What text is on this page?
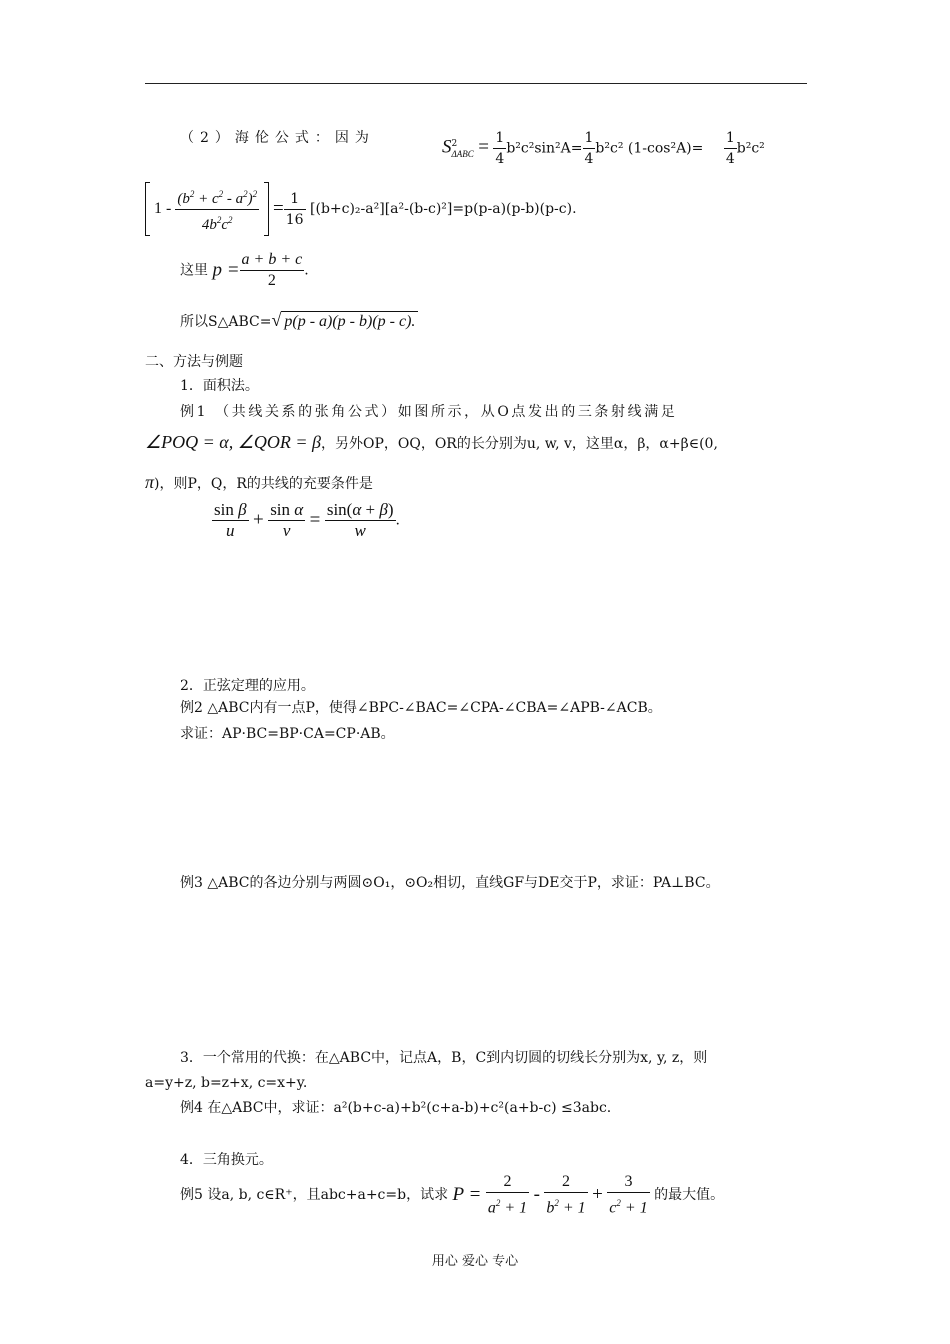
（2）海伦公式：因为	S 2
$\Delta ABC = \frac{1}{4} b^2c^2\sin^2A= \frac{1}{4} b^2c^2$ $(1-\cos^2A)= \frac{1}{4} b^2c^2$
$1 - \frac{(b^2 + c^2 - a^2)^2}{4b^2c^2} = \frac{1}{16} [(b+c)_2-a^2][a^2-(b-c)^2]=p(p-a)(p-b)(p-c)$.
这里 $p = \frac{a + b + c}{2}$ .
所以S△ABC=√ p(p - a)(p - b)(p - c).
二、方法与例题
1．面积法。
例1 （共线关系的张角公式）如图所示，从O点发出的三条射线满足
∠POQ = α, ∠QOR = β，另外OP，OQ，OR的长分别为u, w, v，这里α，β，α+β∈(0,
π)，则P，Q，R的共线的充要条件是
$\frac{\text{sin β}}{u} + \frac{\text{sin α}}{v} = \frac{\sin(\alpha + \beta)}{w}$ .
2．正弦定理的应用。
例2 △ABC内有一点P，使得∠BPC-∠BAC=∠CPA-∠CBA=∠APB-∠ACB。
求证：AP·BC=BP·CA=CP·AB。
例3 △ABC的各边分别与两圆⊙O₁，⊙O₂相切，直线GF与DE交于P，求证：PA⊥BC。
3．一个常用的代换：在△ABC中，记点A，B，C到内切圆的切线长分别为x, y, z，则
a=y+z, b=z+x, c=x+y.
例4 在△ABC中，求证：a²(b+c-a)+b²(c+a-b)+c²(a+b-c) ≤3abc.
4．三角换元。
例5 设a, b, c∈R⁺，且abc+a+c=b，试求 $P = \frac{2}{a^2 + 1} - \frac{2}{b^2 + 1} + \frac{3}{c^2 + 1}$ 的最大值。
用心 爱心 专心
